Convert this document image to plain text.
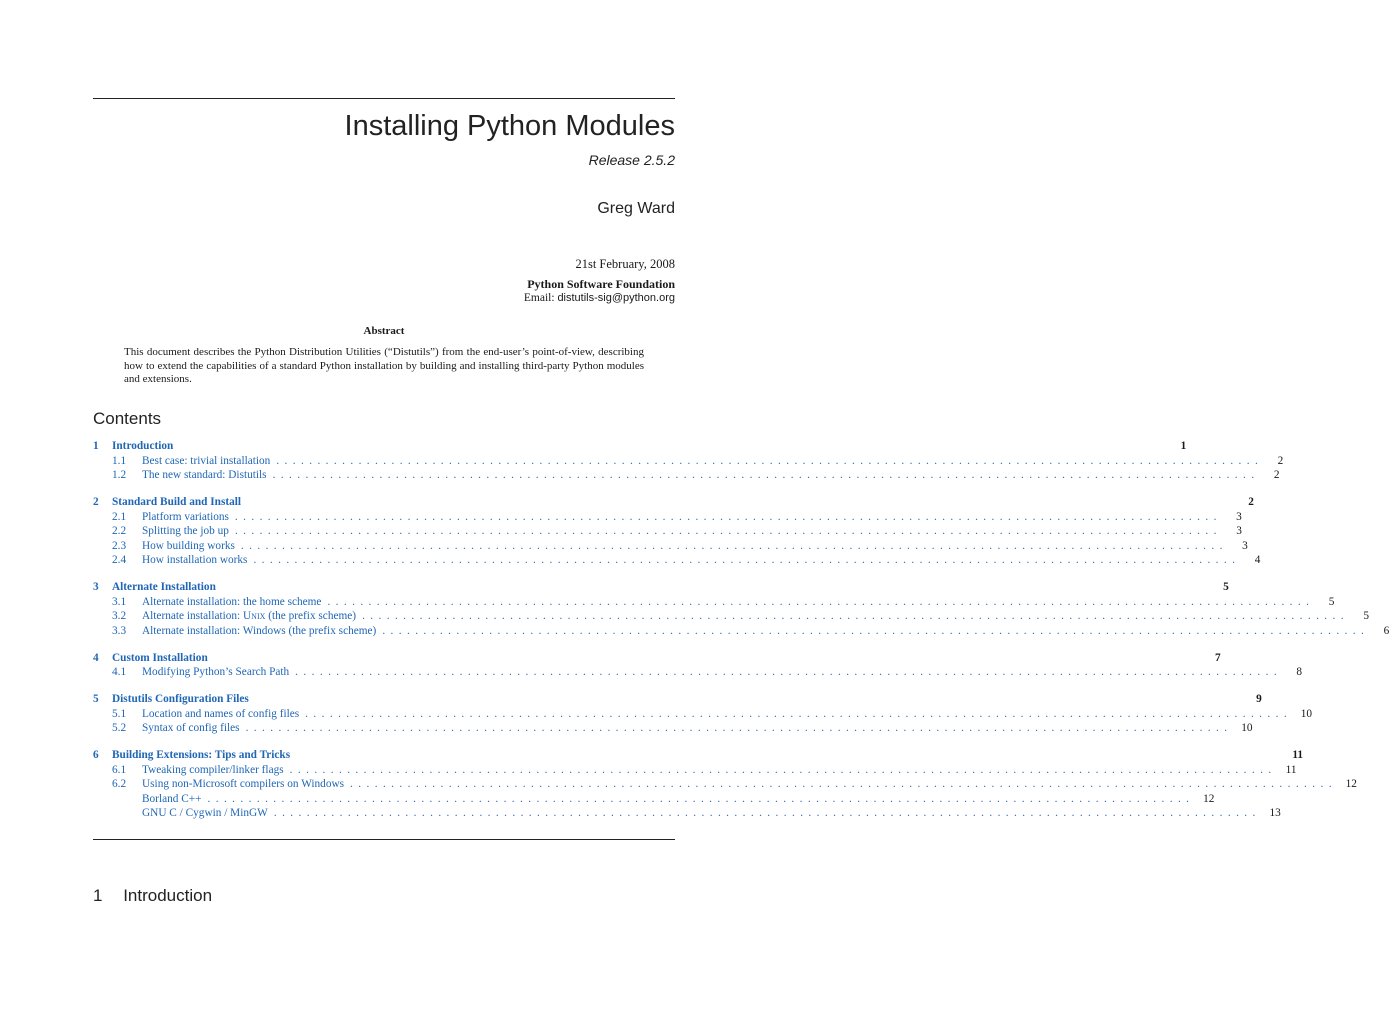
Installing Python Modules
Release 2.5.2
Greg Ward
21st February, 2008
Python Software Foundation
Email: distutils-sig@python.org
Abstract
This document describes the Python Distribution Utilities (“Distutils”) from the end-user’s point-of-view, describing how to extend the capabilities of a standard Python installation by building and installing third-party Python modules and extensions.
Contents
1	Introduction	1
1.1	Best case: trivial installation ........................................................................................................................	2
1.2	The new standard: Distutils ........................................................................................................................	2
2	Standard Build and Install	2
2.1	Platform variations ........................................................................................................................	3
2.2	Splitting the job up ........................................................................................................................	3
2.3	How building works ........................................................................................................................	3
2.4	How installation works ........................................................................................................................	4
3	Alternate Installation	5
3.1	Alternate installation: the home scheme ........................................................................................................................	5
3.2	Alternate installation: Unix (the prefix scheme) ........................................................................................................................	5
3.3	Alternate installation: Windows (the prefix scheme) ........................................................................................................................	6
4	Custom Installation	7
4.1	Modifying Python’s Search Path ........................................................................................................................	8
5	Distutils Configuration Files	9
5.1	Location and names of config files ........................................................................................................................ 10
5.2	Syntax of config files ........................................................................................................................ 10
6	Building Extensions: Tips and Tricks	11
6.1	Tweaking compiler/linker flags ........................................................................................................................ 11
6.2	Using non-Microsoft compilers on Windows ........................................................................................................................ 12
Borland C++ ........................................................................................................................ 12
GNU C / Cygwin / MinGW ........................................................................................................................ 13
1 Introduction
